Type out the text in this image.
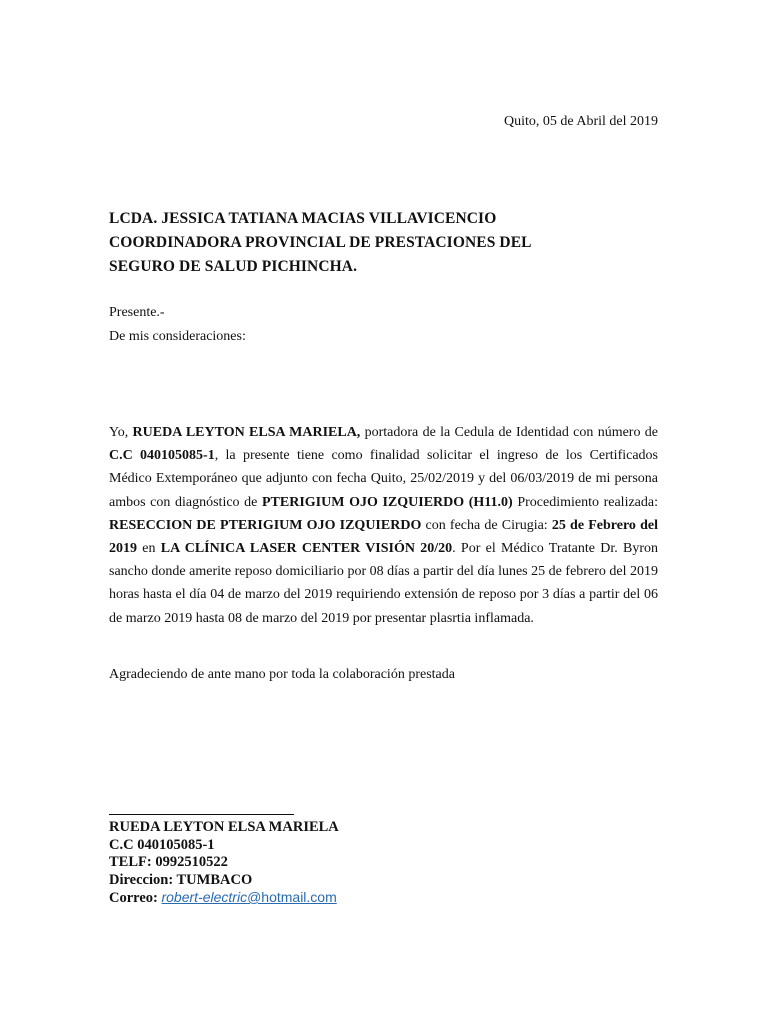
Quito, 05 de Abril del 2019
LCDA. JESSICA TATIANA MACIAS VILLAVICENCIO
COORDINADORA PROVINCIAL DE PRESTACIONES DEL
SEGURO DE SALUD PICHINCHA.
Presente.-
De mis consideraciones:
Yo, RUEDA LEYTON ELSA MARIELA, portadora de la Cedula de Identidad con número de C.C 040105085-1, la presente tiene como finalidad solicitar el ingreso de los Certificados Médico Extemporáneo que adjunto con fecha Quito, 25/02/2019 y del 06/03/2019 de mi persona ambos con diagnóstico de PTERIGIUM OJO IZQUIERDO (H11.0) Procedimiento realizada: RESECCION DE PTERIGIUM OJO IZQUIERDO con fecha de Cirugia: 25 de Febrero del 2019 en LA CLÍNICA LASER CENTER VISIÓN 20/20. Por el Médico Tratante Dr. Byron sancho donde amerite reposo domiciliario por 08 días a partir del día lunes 25 de febrero del 2019 horas hasta el día 04 de marzo del 2019 requiriendo extensión de reposo por 3 días a partir del 06 de marzo 2019 hasta 08 de marzo del 2019 por presentar plasrtia inflamada.
Agradeciendo de ante mano por toda la colaboración prestada
RUEDA LEYTON ELSA MARIELA
C.C 040105085-1
TELF: 0992510522
Direccion: TUMBACO
Correo: robert-electric@hotmail.com
